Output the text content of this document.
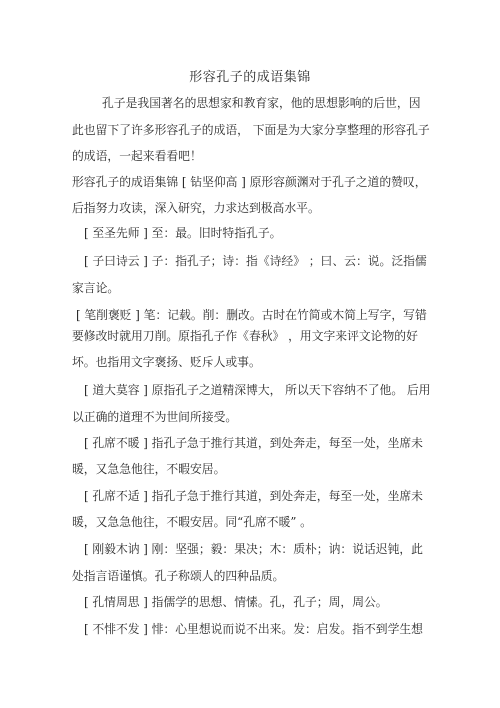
形容孔子的成语集锦
孔子是我国著名的思想家和教育家，他的思想影响的后世，因
此也留下了许多形容孔子的成语， 下面是为大家分享整理的形容孔子
的成语，一起来看看吧！
形容孔子的成语集锦 [ 钻坚仰高 ] 原形容颜渊对于孔子之道的赞叹，
后指努力攻读，深入研究，力求达到极高水平。
[ 至圣先师 ] 至：最。旧时特指孔子。
[ 子曰诗云 ] 子：指孔子；诗：指《诗经》 ；曰、云：说。泛指儒
家言论。
[ 笔削褒贬 ] 笔：记载。削：删改。古时在竹简或木简上写字，写错
要修改时就用刀削。原指孔子作《春秋》 ，用文字来评文论物的好
坏。也指用文字褒扬、贬斥人或事。
[ 道大莫容 ] 原指孔子之道精深博大， 所以天下容纳不了他。 后用
以正确的道理不为世间所接受。
[ 孔席不暖 ] 指孔子急于推行其道，到处奔走，每至一处，坐席未
暖，又急急他往，不暇安居。
[ 孔席不适 ] 指孔子急于推行其道，到处奔走，每至一处，坐席未
暖，又急急他往，不暇安居。同“孔席不暖” 。
[ 刚毅木讷 ] 刚：坚强；毅：果决；木：质朴；讷：说话迟钝，此
处指言语谨慎。孔子称颂人的四种品质。
[ 孔情周思 ] 指儒学的思想、情愫。孔，孔子；周，周公。
[ 不悱不发 ] 悱：心里想说而说不出来。发：启发。指不到学生想
